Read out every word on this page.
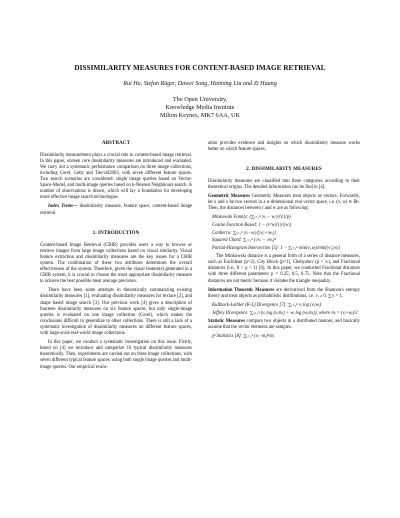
DISSIMILARITY MEASURES FOR CONTENT-BASED IMAGE RETRIEVAL
Rui Hu, Stefan Rüger, Dawei Song, Haiming Liu and Zi Huang
The Open University,
Knowledge Media Institute
Milton Keynes, MK7 6AA, UK
ABSTRACT

Dissimilarity measurement plays a crucial role in content-based image retrieval. In this paper, sixteen core dissimilarity measures are introduced and evaluated. We carry out a systematic performance comparison on three image collections, including Corel, Getty and Trecvid2003, with seven different feature spaces. Two search scenarios are considered: single image queries based on Vector-Space-Model, and multi-image queries based on k-Nearest Neighbours search. A number of observations is drawn, which will lay a foundation for developing more effective image search technologies.

Index Terms— dissimilarity measure, feature space, content-based image retrieval

1. INTRODUCTION

Content-based Image Retrieval (CBIR) provides users a way to browse or retrieve images from large image collections based on visual similarity. Visual feature extraction and dissimilarity measures are the key issues for a CBIR system. The combination of these two attributes determines the overall effectiveness of the system. Therefore, given the visual feature(s) generated in a CBIR system, it is crucial to choose the most appropriate dissimilarity measure to achieve the best possible meat average precision.

There have been some attempts in theoretically summarizing existing dissimilarity measures [1], evaluating dissimilarity measures for texture [2], and shape based image search [3]. Our previous work [4] gives a description of fourteen dissimilarity measures on six feature spaces, but only single-image queries is evaluated on one image collection (Corel), which makes the conclusions difficult to generalize to other collections. There is still a lack of a systematic investigation of dissimilarity measures on different feature spaces, with large-scale real-world image collections.

In this paper, we conduct a systematic investigation on this issue. Firstly, based on [4] we introduce and categorize 16 typical dissimilarity measures theoretically. Then, experiments are carried out on three image collections, with seven different typical feature spaces, using both single image queries and multi-image queries. Our empirical evalu-

ation provides evidence and insights on which dissimilarity measure works better on which feature spaces.

2. DISSIMILARITY MEASURES

Dissimilarity measures are classified into three categories according to their theoretical origins. The detailed information can be find in [4].

Geometric Measures Geometric Measures treat objects as vectors. Forwardly, let x and x be two vectors in a n-dimensional real vector space, i.e. (v, w) ∈ ℝⁿ. Then, the distances between r and w are as following:

Minkowski Family: (∑ᵢ₌₁ⁿ |vᵢ − wᵢ|ᵖ)^(1/p)
Cosine Function Based: 1 − (vᵀw)/(|v||w|)
Canberra: ∑ᵢ₌₁ⁿ |vᵢ−wᵢ|/(|vᵢ|+|wᵢ|)
Squared Chord: ∑ᵢ₌₁ⁿ (√vᵢ − √wᵢ)²
Partial-Histogram Intersection [5]: 1 − ∑ᵢ₌₁ⁿ min(vᵢ,wᵢ)/min(|v|,|w|)

The Minkowski distance is a general form of a series of distance measures, such as Euclidean (p=2), City Block (p=1), Chebyshev (p = ∞), and Fractional distances (i.e., 0 < p < 1) [6]. In this paper, we conducted Fractional distances with three different parameters p = 0.25, 0.5, 0.75. Note that the Fractional distances are not metric because it violates the triangle inequality.

Information Theoretic Measures are derivatived from the Shannon's entropy theory and treat objects as probabilistic distributions, i.e. vᵢ ≥ 0, ∑vᵢ = 1.

Kullback-Leibler (K-L) Divergence [7]: ∑ᵢ₌₁ⁿ vᵢ log (vᵢ/wᵢ)
Jeffrey Divergence: ∑ᵢ₌₁ⁿ (vᵢ log (vᵢ/mᵢ) + wᵢ log (wᵢ/mᵢ)), where mᵢ = (vᵢ+wᵢ)/2

Statistic Measures compare two objects in a distributed manner, and basically assume that the vector elements are samples.

χ² Statistics [8]: ∑ᵢ₌₁ⁿ (vᵢ−mᵢ)²/mᵢ
